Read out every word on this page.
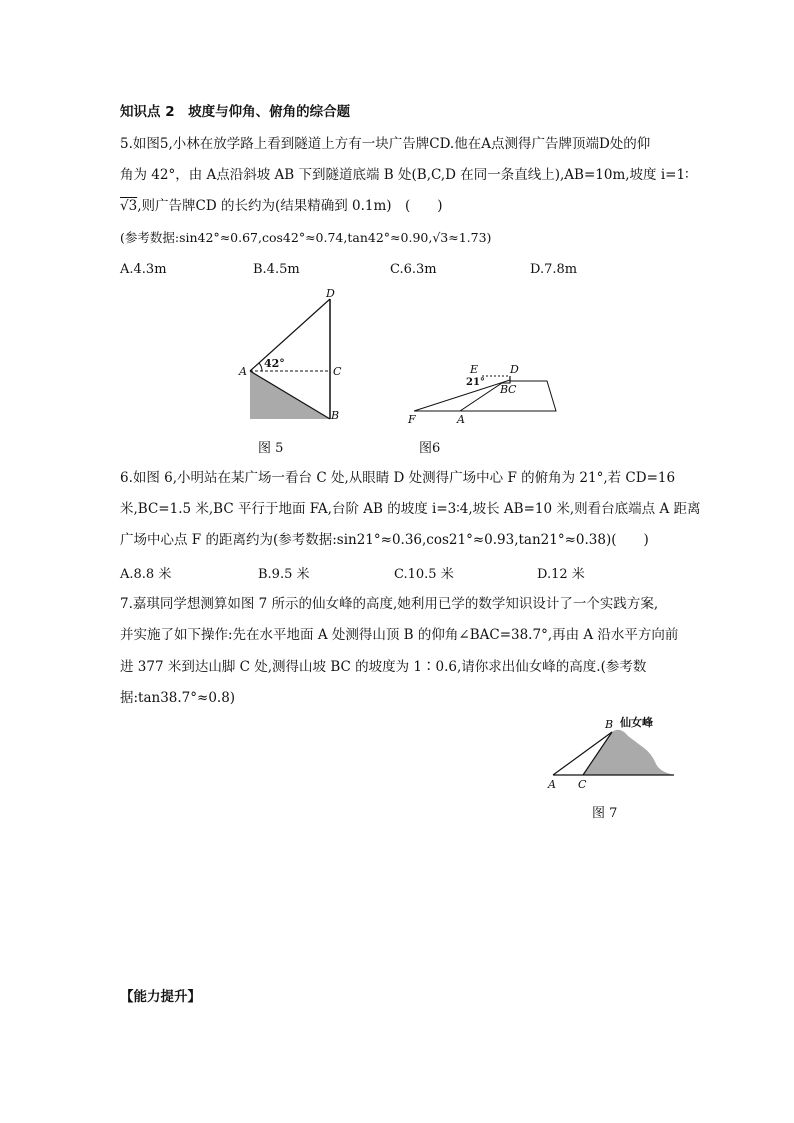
知识点 2　坡度与仰角、俯角的综合题
5.如图5,小林在放学路上看到隧道上方有一块广告牌CD.他在A点测得广告牌顶端D处的仰
角为 42°，由 A点沿斜坡 AB 下到隧道底端 B 处(B,C,D 在同一条直线上),AB=10m,坡度 i=1∶
√3,则广告牌CD 的长约为(结果精确到 0.1m)　(　　)
(参考数据:sin42°≈0.67,cos42°≈0.74,tan42°≈0.90,√3≈1.73)
A.4.3m	B.4.5m	C.6.3m	D.7.8m
42°
D
A	C
B
图 5
E	D
21°
B C
F	A
图6
6.如图 6,小明站在某广场一看台 C 处,从眼睛 D 处测得广场中心 F 的俯角为 21°,若 CD=16
米,BC=1.5 米,BC 平行于地面 FA,台阶 AB 的坡度 i=3∶4,坡长 AB=10 米,则看台底端点 A 距离
广场中心点 F 的距离约为(参考数据:sin21°≈0.36,cos21°≈0.93,tan21°≈0.38)(　　)
A.8.8 米	B.9.5 米	C.10.5 米	D.12 米
7.嘉琪同学想测算如图 7 所示的仙女峰的高度,她利用已学的数学知识设计了一个实践方案,
并实施了如下操作:先在水平地面 A 处测得山顶 B 的仰角∠BAC=38.7°,再由 A 沿水平方向前
进 377 米到达山脚 C 处,测得山坡 BC 的坡度为 1∶0.6,请你求出仙女峰的高度.(参考数
据:tan38.7°≈0.8)
B 仙女峰
A C
图 7
【能力提升】
